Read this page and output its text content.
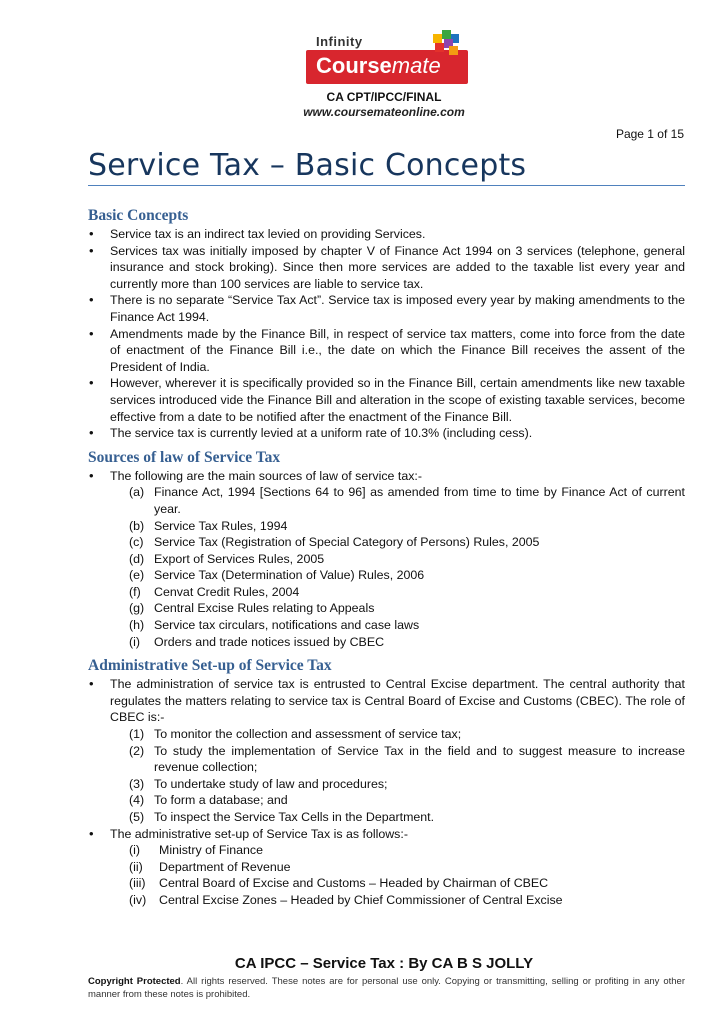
Infinity
Coursemate
CA CPT/IPCC/FINAL
www.coursemateonline.com
Page 1 of 15
Service Tax – Basic Concepts
Basic Concepts
• Service tax is an indirect tax levied on providing Services.
• Services tax was initially imposed by chapter V of Finance Act 1994 on 3 services (telephone, general insurance and stock broking). Since then more services are added to the taxable list every year and currently more than 100 services are liable to service tax.
• There is no separate “Service Tax Act”. Service tax is imposed every year by making amendments to the Finance Act 1994.
• Amendments made by the Finance Bill, in respect of service tax matters, come into force from the date of enactment of the Finance Bill i.e., the date on which the Finance Bill receives the assent of the President of India.
• However, wherever it is specifically provided so in the Finance Bill, certain amendments like new taxable services introduced vide the Finance Bill and alteration in the scope of existing taxable services, become effective from a date to be notified after the enactment of the Finance Bill.
• The service tax is currently levied at a uniform rate of 10.3% (including cess).
Sources of law of Service Tax
• The following are the main sources of law of service tax:-
(a) Finance Act, 1994 [Sections 64 to 96] as amended from time to time by Finance Act of current year.
(b) Service Tax Rules, 1994
(c) Service Tax (Registration of Special Category of Persons) Rules, 2005
(d) Export of Services Rules, 2005
(e) Service Tax (Determination of Value) Rules, 2006
(f) Cenvat Credit Rules, 2004
(g) Central Excise Rules relating to Appeals
(h) Service tax circulars, notifications and case laws
(i) Orders and trade notices issued by CBEC
Administrative Set-up of Service Tax
• The administration of service tax is entrusted to Central Excise department. The central authority that regulates the matters relating to service tax is Central Board of Excise and Customs (CBEC). The role of CBEC is:-
(1) To monitor the collection and assessment of service tax;
(2) To study the implementation of Service Tax in the field and to suggest measure to increase revenue collection;
(3) To undertake study of law and procedures;
(4) To form a database; and
(5) To inspect the Service Tax Cells in the Department.
• The administrative set-up of Service Tax is as follows:-
(i) Ministry of Finance
(ii) Department of Revenue
(iii) Central Board of Excise and Customs – Headed by Chairman of CBEC
(iv) Central Excise Zones – Headed by Chief Commissioner of Central Excise
CA IPCC – Service Tax : By CA B S JOLLY
Copyright Protected. All rights reserved. These notes are for personal use only. Copying or transmitting, selling or profiting in any other manner from these notes is prohibited.
